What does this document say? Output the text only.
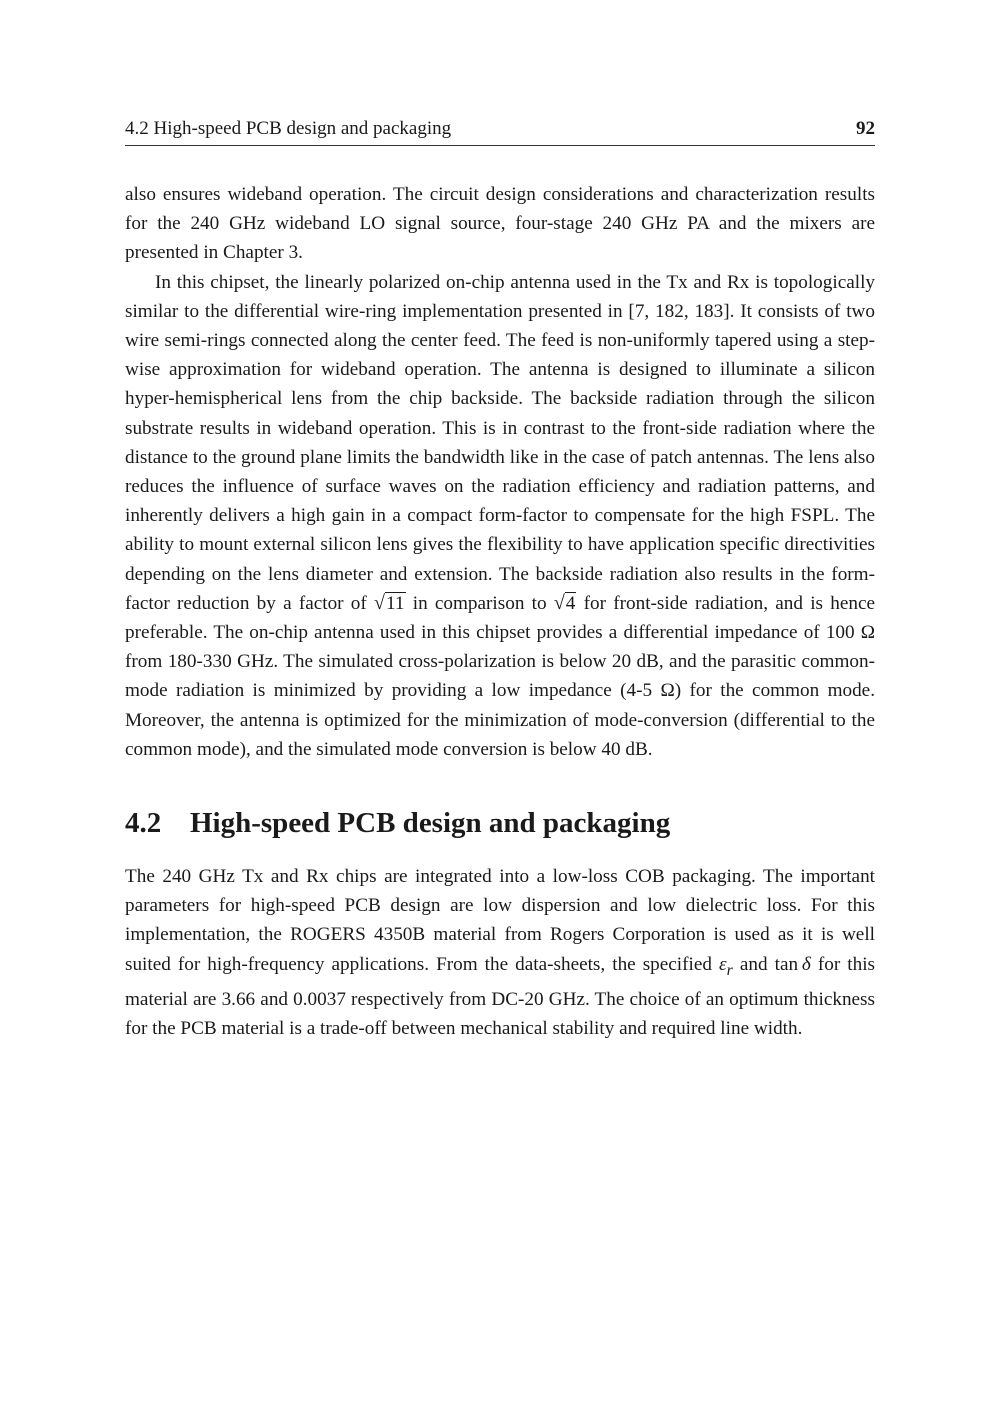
4.2 High-speed PCB design and packaging	92

also ensures wideband operation. The circuit design considerations and characterization results for the 240 GHz wideband LO signal source, four-stage 240 GHz PA and the mixers are presented in Chapter 3.

In this chipset, the linearly polarized on-chip antenna used in the Tx and Rx is topologically similar to the differential wire-ring implementation presented in [7, 182, 183]. It consists of two wire semi-rings connected along the center feed. The feed is non-uniformly tapered using a step-wise approximation for wideband operation. The antenna is designed to illuminate a silicon hyper-hemispherical lens from the chip backside. The backside radiation through the silicon substrate results in wideband operation. This is in contrast to the front-side radiation where the distance to the ground plane limits the bandwidth like in the case of patch antennas. The lens also reduces the influence of surface waves on the radiation efficiency and radiation patterns, and inherently delivers a high gain in a compact form-factor to compensate for the high FSPL. The ability to mount external silicon lens gives the flexibility to have application specific directivities depending on the lens diameter and extension. The backside radiation also results in the form-factor reduction by a factor of √11 in comparison to √4 for front-side radiation, and is hence preferable. The on-chip antenna used in this chipset provides a differential impedance of 100 Ω from 180-330 GHz. The simulated cross-polarization is below 20 dB, and the parasitic common-mode radiation is minimized by providing a low impedance (4-5 Ω) for the common mode. Moreover, the antenna is optimized for the minimization of mode-conversion (differential to the common mode), and the simulated mode conversion is below 40 dB.

4.2 High-speed PCB design and packaging

The 240 GHz Tx and Rx chips are integrated into a low-loss COB packaging. The important parameters for high-speed PCB design are low dispersion and low dielectric loss. For this implementation, the ROGERS 4350B material from Rogers Corporation is used as it is well suited for high-frequency applications. From the data-sheets, the specified $\varepsilon_r$ and tan  δ for this material are 3.66 and 0.0037 respectively from DC-20 GHz. The choice of an optimum thickness for the PCB material is a trade-off between mechanical stability and required line width.
